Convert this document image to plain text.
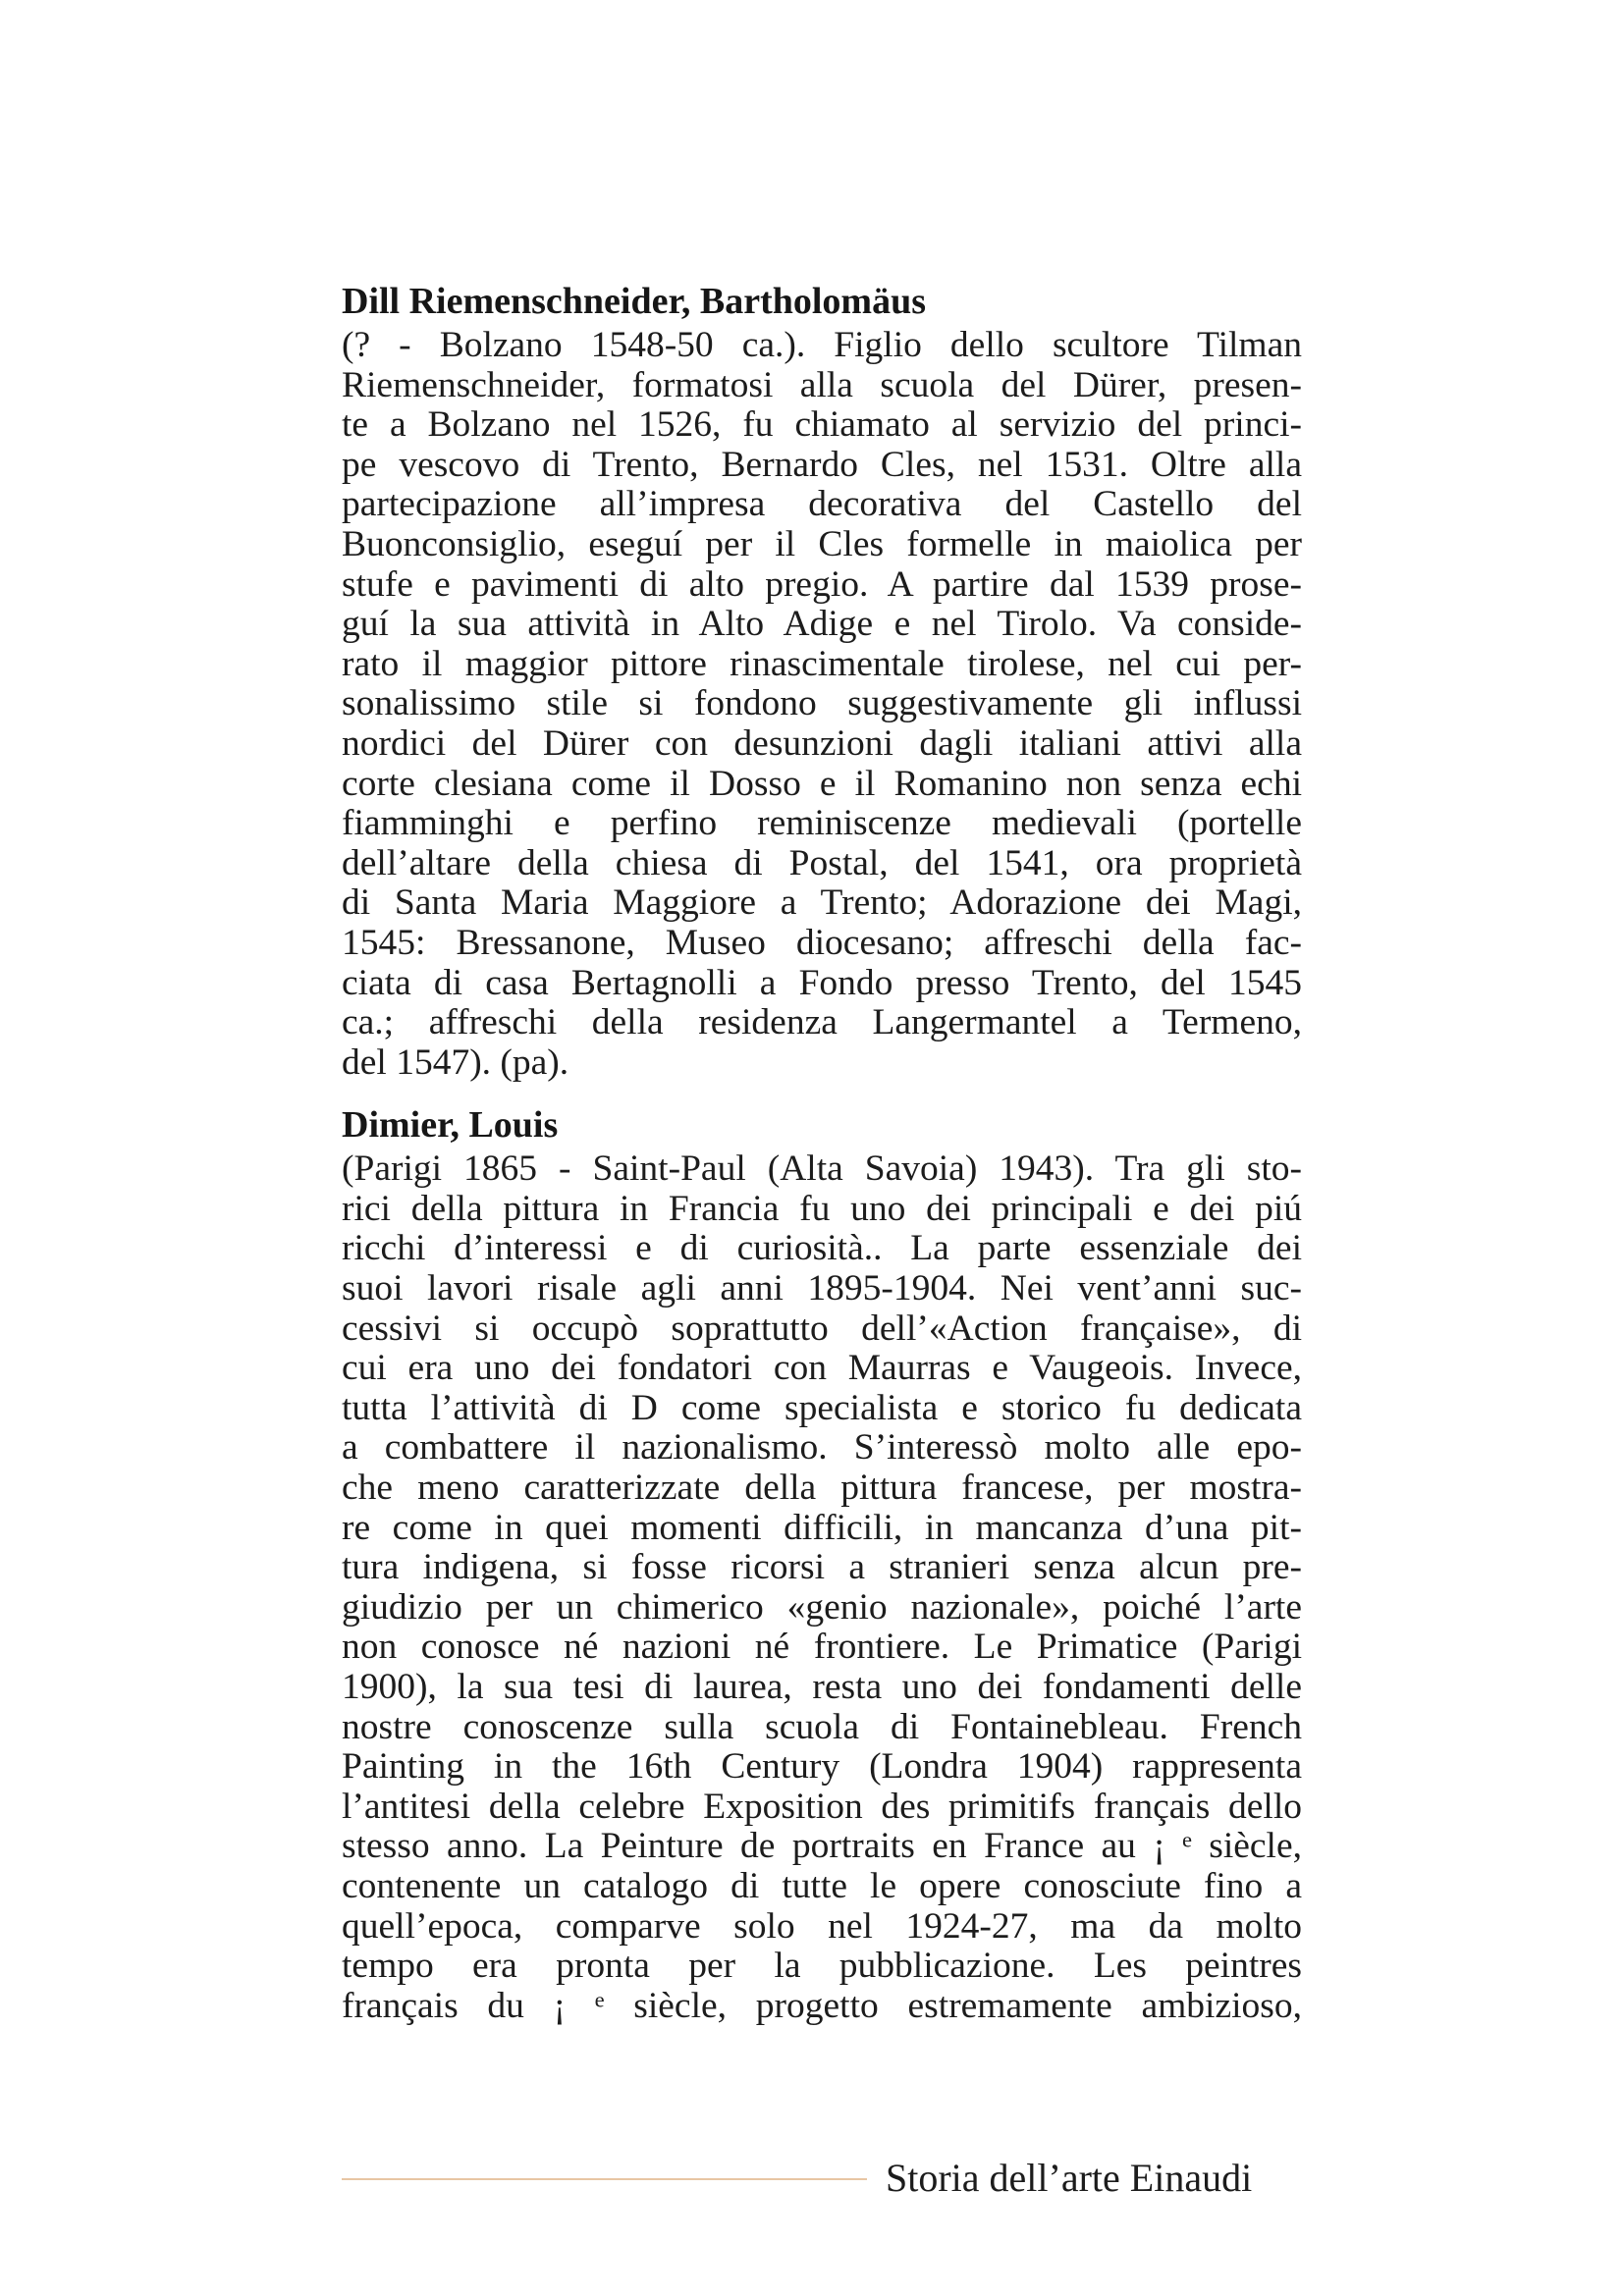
Dill Riemenschneider, Bartholomäus

(? - Bolzano 1548-50 ca.). Figlio dello scultore Tilman
Riemenschneider, formatosi alla scuola del Dürer, presen-
te a Bolzano nel 1526, fu chiamato al servizio del princi-
pe vescovo di Trento, Bernardo Cles, nel 1531. Oltre alla
partecipazione all’impresa decorativa del Castello del
Buonconsiglio, eseguí per il Cles formelle in maiolica per
stufe e pavimenti di alto pregio. A partire dal 1539 prose-
guí la sua attività in Alto Adige e nel Tirolo. Va conside-
rato il maggior pittore rinascimentale tirolese, nel cui per-
sonalissimo stile si fondono suggestivamente gli influssi
nordici del Dürer con desunzioni dagli italiani attivi alla
corte clesiana come il Dosso e il Romanino non senza echi
fiamminghi e perfino reminiscenze medievali (portelle
dell’altare della chiesa di Postal, del 1541, ora proprietà
di Santa Maria Maggiore a Trento; Adorazione dei Magi,
1545: Bressanone, Museo diocesano; affreschi della fac-
ciata di casa Bertagnolli a Fondo presso Trento, del 1545
ca.; affreschi della residenza Langermantel a Termeno,
del 1547). (pa).

Dimier, Louis

(Parigi 1865 - Saint-Paul (Alta Savoia) 1943). Tra gli sto-
rici della pittura in Francia fu uno dei principali e dei piú
ricchi d’interessi e di curiosità.. La parte essenziale dei
suoi lavori risale agli anni 1895-1904. Nei vent’anni suc-
cessivi si occupò soprattutto dell’«Action française», di
cui era uno dei fondatori con Maurras e Vaugeois. Invece,
tutta l’attività di D come specialista e storico fu dedicata
a combattere il nazionalismo. S’interessò molto alle epo-
che meno caratterizzate della pittura francese, per mostra-
re come in quei momenti difficili, in mancanza d’una pit-
tura indigena, si fosse ricorsi a stranieri senza alcun pre-
giudizio per un chimerico «genio nazionale», poiché l’arte
non conosce né nazioni né frontiere. Le Primatice (Parigi
1900), la sua tesi di laurea, resta uno dei fondamenti delle
nostre conoscenze sulla scuola di Fontainebleau. French
Painting in the 16th Century (Londra 1904) rappresenta
l’antitesi della celebre Exposition des primitifs français dello
stesso anno. La Peinture de portraits en France au ¡ ᵉ siècle,
contenente un catalogo di tutte le opere conosciute fino a
quell’epoca, comparve solo nel 1924-27, ma da molto
tempo era pronta per la pubblicazione. Les peintres
français du ¡ ᵉ siècle, progetto estremamente ambizioso,
Storia dell’arte Einaudi
